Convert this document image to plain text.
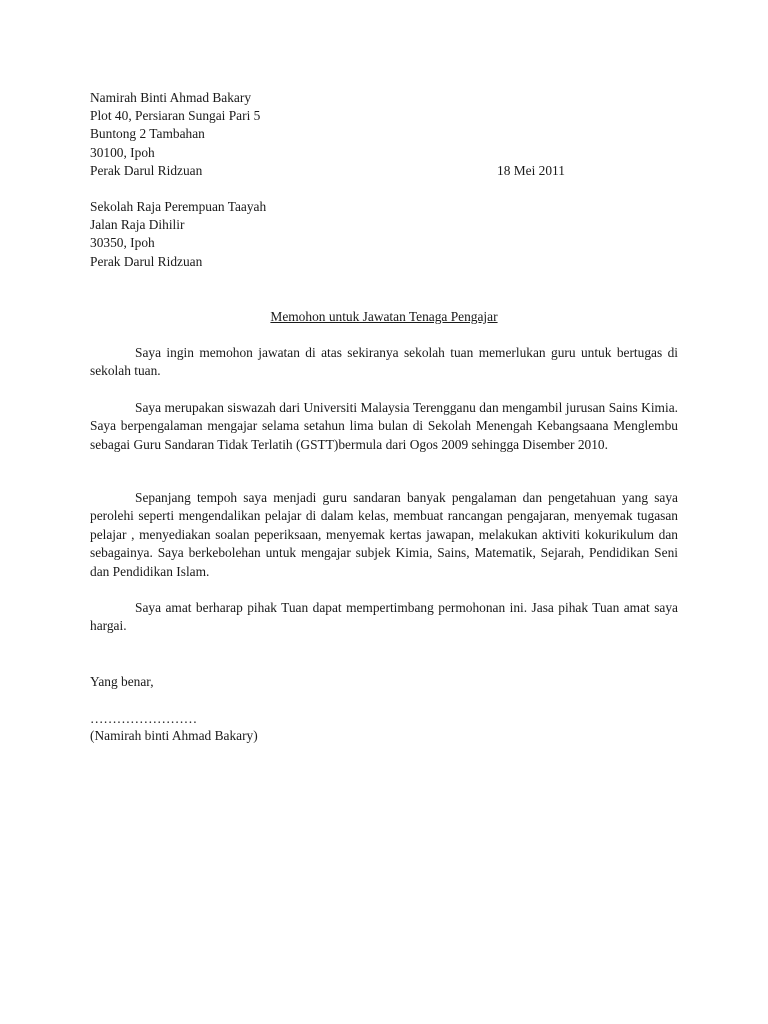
Namirah Binti Ahmad Bakary
Plot 40, Persiaran Sungai Pari 5
Buntong 2 Tambahan
30100, Ipoh
Perak Darul Ridzuan	18 Mei 2011
Sekolah Raja Perempuan Taayah
Jalan Raja Dihilir
30350, Ipoh
Perak Darul Ridzuan
Memohon untuk Jawatan Tenaga Pengajar

Saya ingin memohon jawatan di atas sekiranya sekolah tuan memerlukan guru untuk bertugas di sekolah tuan.

Saya merupakan siswazah dari Universiti Malaysia Terengganu dan mengambil jurusan Sains Kimia. Saya berpengalaman mengajar selama setahun lima bulan di Sekolah Menengah Kebangsaana Menglembu sebagai Guru Sandaran Tidak Terlatih (GSTT)bermula dari Ogos 2009 sehingga Disember 2010.

Sepanjang tempoh saya menjadi guru sandaran banyak pengalaman dan pengetahuan yang saya perolehi seperti mengendalikan pelajar di dalam kelas, membuat rancangan pengajaran, menyemak tugasan pelajar , menyediakan soalan peperiksaan, menyemak kertas jawapan, melakukan aktiviti kokurikulum dan sebagainya. Saya berkebolehan untuk mengajar subjek Kimia, Sains, Matematik, Sejarah, Pendidikan Seni dan Pendidikan Islam.

Saya amat berharap pihak Tuan dapat mempertimbang permohonan ini. Jasa pihak Tuan amat saya hargai.

Yang benar,
……………………
(Namirah binti Ahmad Bakary)
